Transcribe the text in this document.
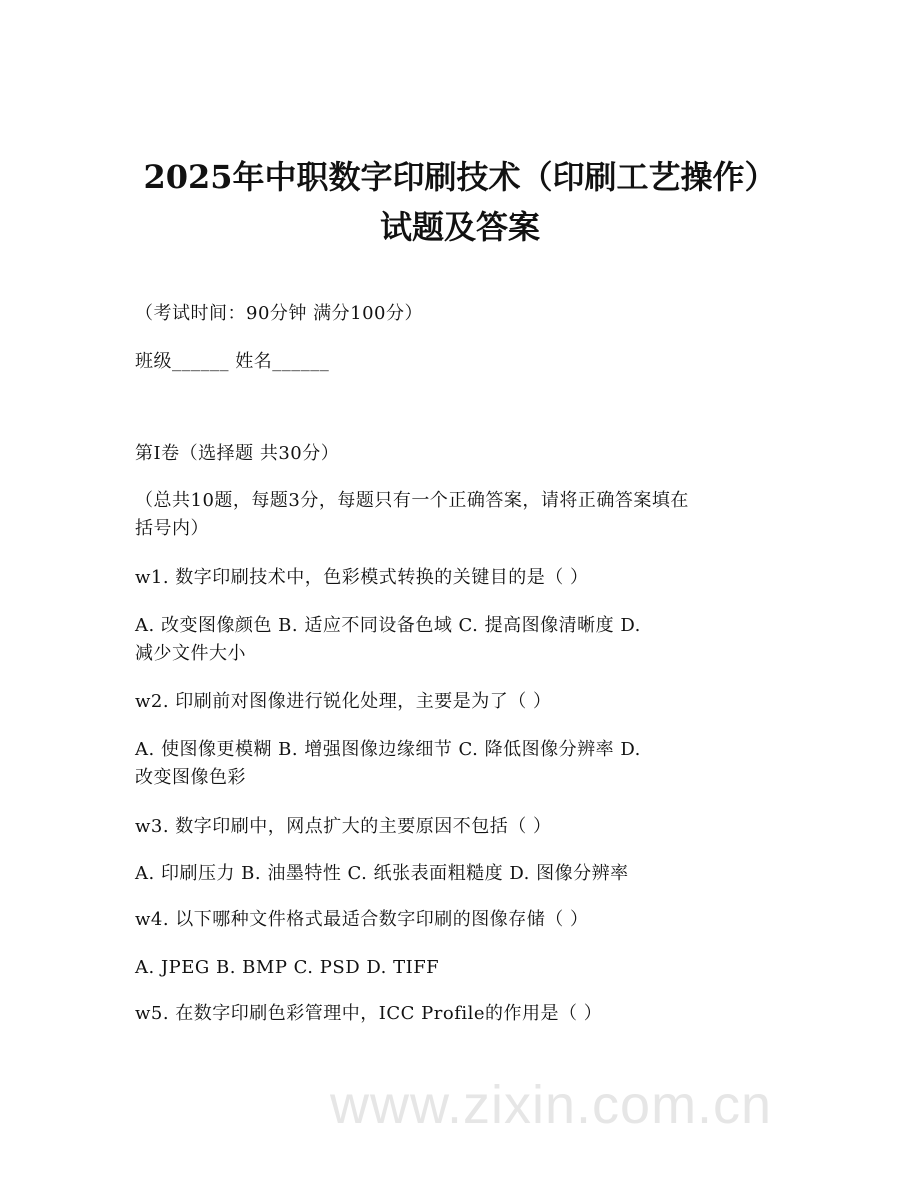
www.zixin.com.cn
2025年中职数字印刷技术（印刷工艺操作）
试题及答案
（考试时间：90分钟 满分100分）
班级______ 姓名______
第I卷（选择题 共30分）
（总共10题，每题3分，每题只有一个正确答案，请将正确答案填在
括号内）
w1. 数字印刷技术中，色彩模式转换的关键目的是（ ）
A. 改变图像颜色 B. 适应不同设备色域 C. 提高图像清晰度 D.
减少文件大小
w2. 印刷前对图像进行锐化处理，主要是为了（ ）
A. 使图像更模糊 B. 增强图像边缘细节 C. 降低图像分辨率 D.
改变图像色彩
w3. 数字印刷中，网点扩大的主要原因不包括（ ）
A. 印刷压力 B. 油墨特性 C. 纸张表面粗糙度 D. 图像分辨率
w4. 以下哪种文件格式最适合数字印刷的图像存储（ ）
A. JPEG B. BMP C. PSD D. TIFF
w5. 在数字印刷色彩管理中，ICC Profile的作用是（ ）
